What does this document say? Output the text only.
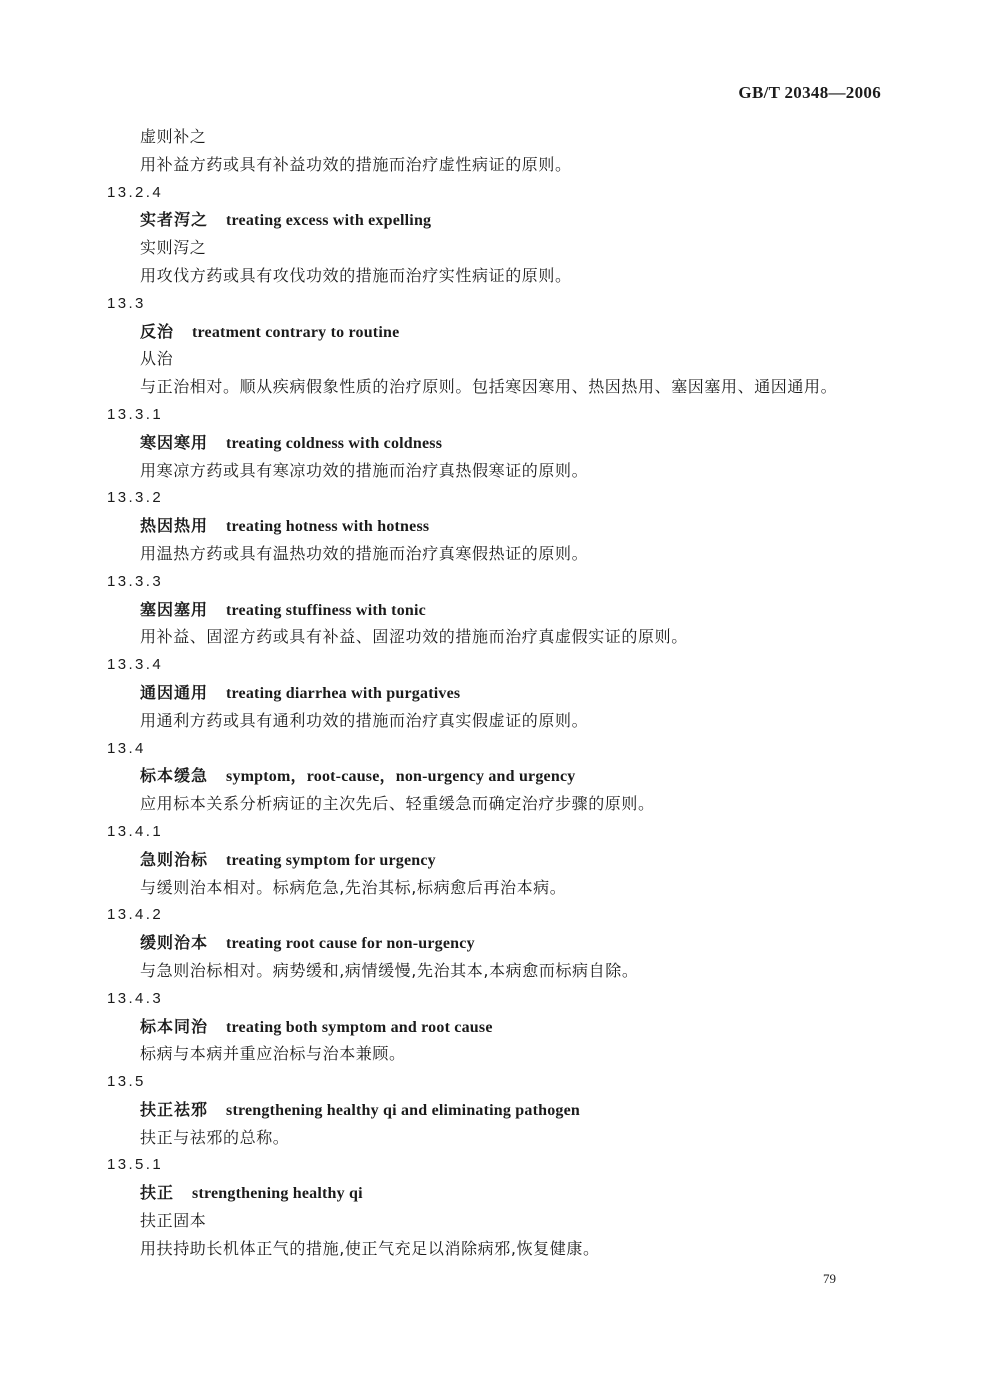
GB/T 20348—2006
虚则补之
用补益方药或具有补益功效的措施而治疗虚性病证的原则。
13.2.4
实者泻之 treating excess with expelling
实则泻之
用攻伐方药或具有攻伐功效的措施而治疗实性病证的原则。
13.3
反治 treatment contrary to routine
从治
与正治相对。顺从疾病假象性质的治疗原则。包括寒因寒用、热因热用、塞因塞用、通因通用。
13.3.1
寒因寒用 treating coldness with coldness
用寒凉方药或具有寒凉功效的措施而治疗真热假寒证的原则。
13.3.2
热因热用 treating hotness with hotness
用温热方药或具有温热功效的措施而治疗真寒假热证的原则。
13.3.3
塞因塞用 treating stuffiness with tonic
用补益、固涩方药或具有补益、固涩功效的措施而治疗真虚假实证的原则。
13.3.4
通因通用 treating diarrhea with purgatives
用通利方药或具有通利功效的措施而治疗真实假虚证的原则。
13.4
标本缓急 symptom，root-cause，non-urgency and urgency
应用标本关系分析病证的主次先后、轻重缓急而确定治疗步骤的原则。
13.4.1
急则治标 treating symptom for urgency
与缓则治本相对。标病危急,先治其标,标病愈后再治本病。
13.4.2
缓则治本 treating root cause for non-urgency
与急则治标相对。病势缓和,病情缓慢,先治其本,本病愈而标病自除。
13.4.3
标本同治 treating both symptom and root cause
标病与本病并重应治标与治本兼顾。
13.5
扶正祛邪 strengthening healthy qi and eliminating pathogen
扶正与祛邪的总称。
13.5.1
扶正 strengthening healthy qi
扶正固本
用扶持助长机体正气的措施,使正气充足以消除病邪,恢复健康。
79
